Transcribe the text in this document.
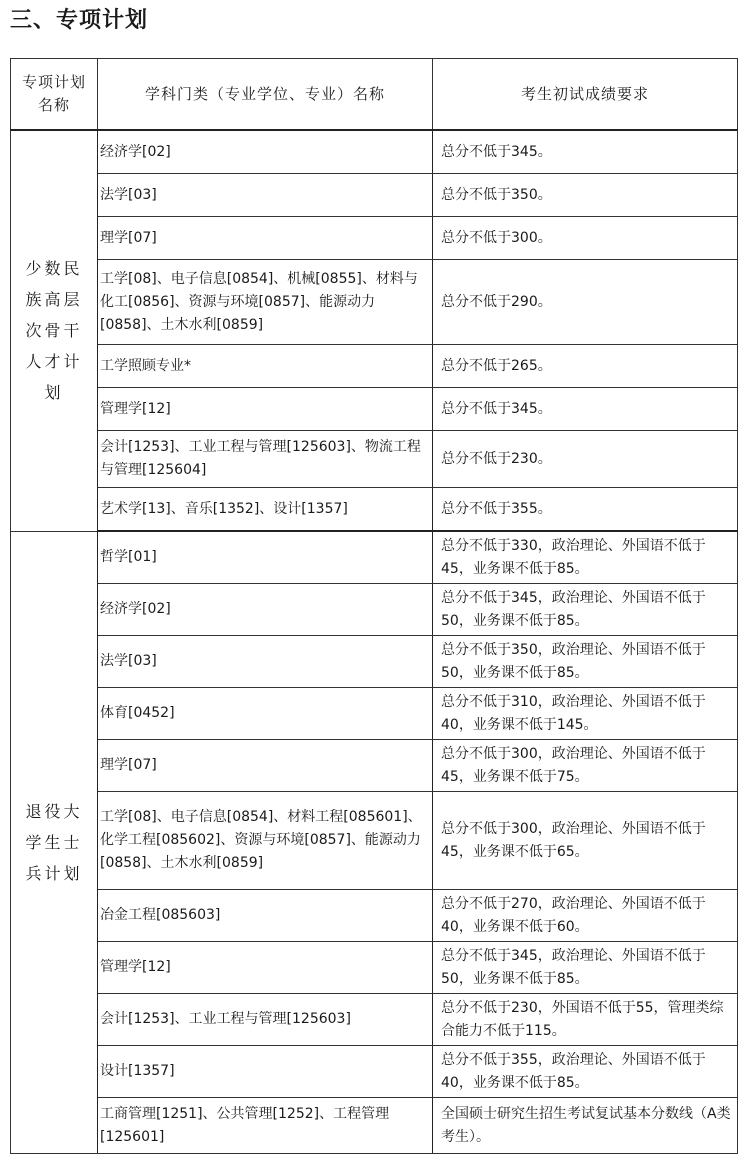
三、专项计划
专项计划名称	学科门类（专业学位、专业）名称	考生初试成绩要求
少数民族高层次骨干人才计划	经济学[02]	总分不低于345。
	法学[03]	总分不低于350。
	理学[07]	总分不低于300。
	工学[08]、电子信息[0854]、机械[0855]、材料与化工[0856]、资源与环境[0857]、能源动力[0858]、土木水利[0859]	总分不低于290。
	工学照顾专业*	总分不低于265。
	管理学[12]	总分不低于345。
	会计[1253]、工业工程与管理[125603]、物流工程与管理[125604]	总分不低于230。
	艺术学[13]、音乐[1352]、设计[1357]	总分不低于355。
退役大学生士兵计划	哲学[01]	总分不低于330，政治理论、外国语不低于45，业务课不低于85。
	经济学[02]	总分不低于345，政治理论、外国语不低于50，业务课不低于85。
	法学[03]	总分不低于350，政治理论、外国语不低于50，业务课不低于85。
	体育[0452]	总分不低于310，政治理论、外国语不低于40，业务课不低于145。
	理学[07]	总分不低于300，政治理论、外国语不低于45，业务课不低于75。
	工学[08]、电子信息[0854]、材料工程[085601]、化学工程[085602]、资源与环境[0857]、能源动力[0858]、土木水利[0859]	总分不低于300，政治理论、外国语不低于45，业务课不低于65。
	冶金工程[085603]	总分不低于270，政治理论、外国语不低于40，业务课不低于60。
	管理学[12]	总分不低于345，政治理论、外国语不低于50，业务课不低于85。
	会计[1253]、工业工程与管理[125603]	总分不低于230，外国语不低于55，管理类综合能力不低于115。
	设计[1357]	总分不低于355，政治理论、外国语不低于40，业务课不低于85。
	工商管理[1251]、公共管理[1252]、工程管理[125601]	全国硕士研究生招生考试复试基本分数线（A类考生）。
